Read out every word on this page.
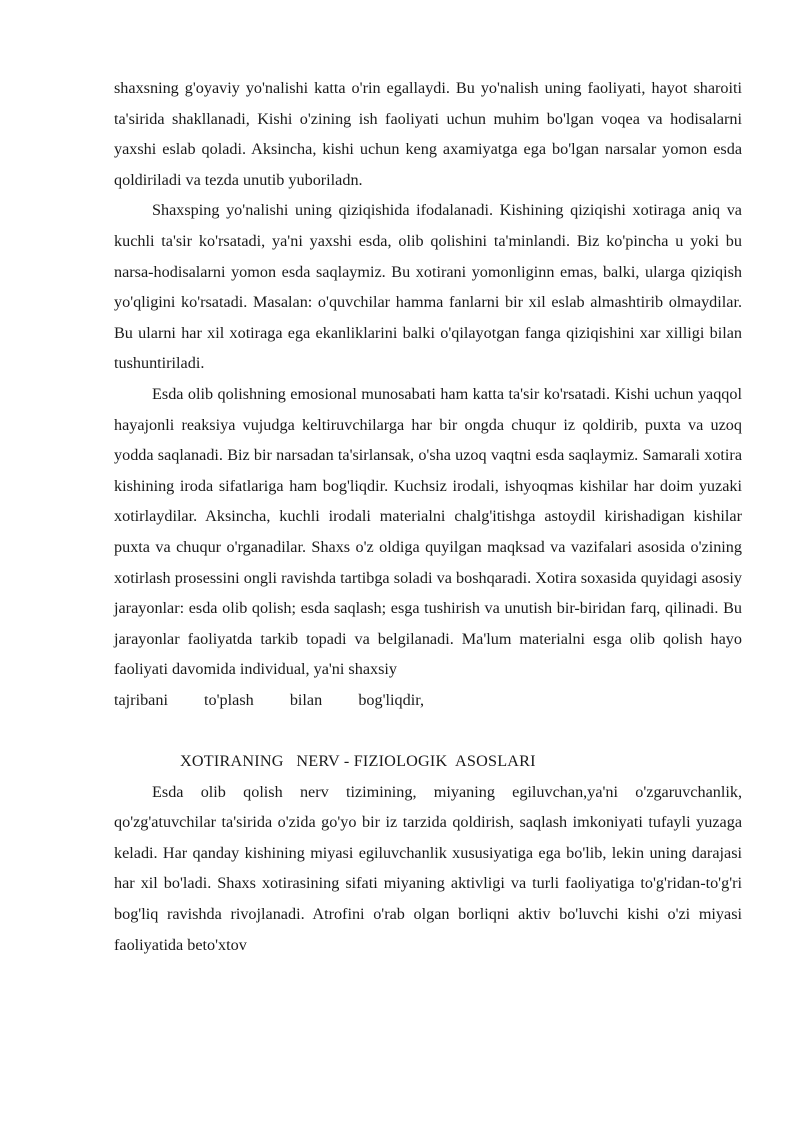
shaxsning g'oyaviy yo'nalishi katta o'rin egallaydi. Bu yo'nalish uning faoliyati, hayot sharoiti ta'sirida shakllanadi, Kishi o'zining ish faoliyati uchun muhim bo'lgan voqea va hodisalarni yaxshi eslab qoladi. Aksincha, kishi uchun keng axamiyatga ega bo'lgan narsalar yomon esda qoldiriladi va tezda unutib yuboriladn.

Shaxsping yo'nalishi uning qiziqishida ifodalanadi. Kishining qiziqishi xotiraga aniq va kuchli ta'sir ko'rsatadi, ya'ni yaxshi esda, olib qolishini ta'minlandi. Biz ko'pincha u yoki bu narsa-hodisalarni yomon esda saqlaymiz. Bu xotirani yomonliginn emas, balki, ularga qiziqish yo'qligini ko'rsatadi. Masalan: o'quvchilar hamma fanlarni bir xil eslab almashtirib olmaydilar. Bu ularni har xil xotiraga ega ekanliklarini balki o'qilayotgan fanga qiziqishini xar xilligi bilan tushuntiriladi.

Esda olib qolishning emosional munosabati ham katta ta'sir ko'rsatadi. Kishi uchun yaqqol hayajonli reaksiya vujudga keltiruvchilarga har bir ongda chuqur iz qoldirib, puxta va uzoq yodda saqlanadi. Biz bir narsadan ta'sirlansak, o'sha uzoq vaqtni esda saqlaymiz. Samarali xotira kishining iroda sifatlariga ham bog'liqdir. Kuchsiz irodali, ishyoqmas kishilar har doim yuzaki xotirlaydilar. Aksincha, kuchli irodali materialni chalg'itishga astoydil kirishadigan kishilar puxta va chuqur o'rganadilar. Shaxs o'z oldiga quyilgan maqksad va vazifalari asosida o'zining xotirlash prosessini ongli ravishda tartibga soladi va boshqaradi. Xotira soxasida quyidagi asosiy jarayonlar: esda olib qolish; esda saqlash; esga tushirish va unutish bir-biridan farq, qilinadi. Bu jarayonlar faoliyatda tarkib topadi va belgilanadi. Ma'lum materialni esga olib qolish hayo faoliyati davomida individual, ya'ni shaxsiy

tajribani to'plash bilan bog'liqdir,

XOTIRANING   NERV - FIZIOLOGIK  ASOSLARI

Esda olib qolish nerv tizimining, miyaning egiluvchan,ya'ni o'zgaruvchanlik, qo'zg'atuvchilar ta'sirida o'zida go'yo bir iz tarzida qoldirish, saqlash imkoniyati tufayli yuzaga keladi. Har qanday kishining miyasi egiluvchanlik xususiyatiga ega bo'lib, lekin uning darajasi har xil bo'ladi. Shaxs xotirasining sifati miyaning aktivligi va turli faoliyatiga to'g'ridan-to'g'ri bog'liq ravishda rivojlanadi. Atrofini o'rab olgan borliqni aktiv bo'luvchi kishi o'zi miyasi faoliyatida beto'xtov
